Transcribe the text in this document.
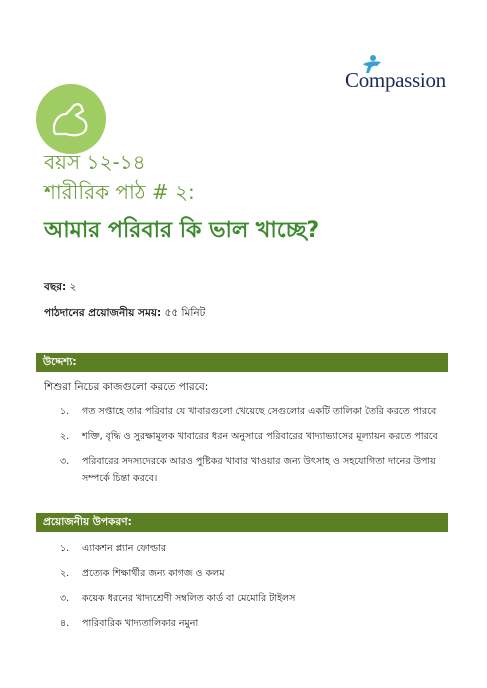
Compassion
বয়স ১২-১৪
শারীরিক পাঠ # ২:
আমার পরিবার কি ভাল খাচ্ছে?
বছর: ২
পাঠদানের প্রয়োজনীয় সময়: ৫৫ মিনিট
উদ্দেশ্য:
শিশুরা নিচের কাজগুলো করতে পারবে:
১.	গত সপ্তাহে তার পরিবার যে খাবারগুলো খেয়েছে সেগুলোর একটি তালিকা তৈরি করতে পারবে
২.	শক্তি, বৃদ্ধি ও সুরক্ষামূলক খাবারের ধরন অনুসারে পরিবারের খাদ্যাভ্যাসের মূল্যায়ন করতে পারবে
৩.	পরিবারের সদস্যদেরকে আরও পুষ্টিকর খাবার খাওয়ার জন্য উৎসাহ ও সহযোগিতা দানের উপায় সম্পর্কে চিন্তা করবে।
প্রয়োজনীয় উপকরণ:
১.	এ্যাকশন প্ল্যান ফোল্ডার
২.	প্রত্যেক শিক্ষার্থীর জন্য কাগজ ও কলম
৩.	কয়েক ধরনের খাদ্যশ্রেণী সম্বলিত কার্ড বা মেমোরি টাইলস
৪.	পারিবারিক খাদ্যতালিকার নমুনা
